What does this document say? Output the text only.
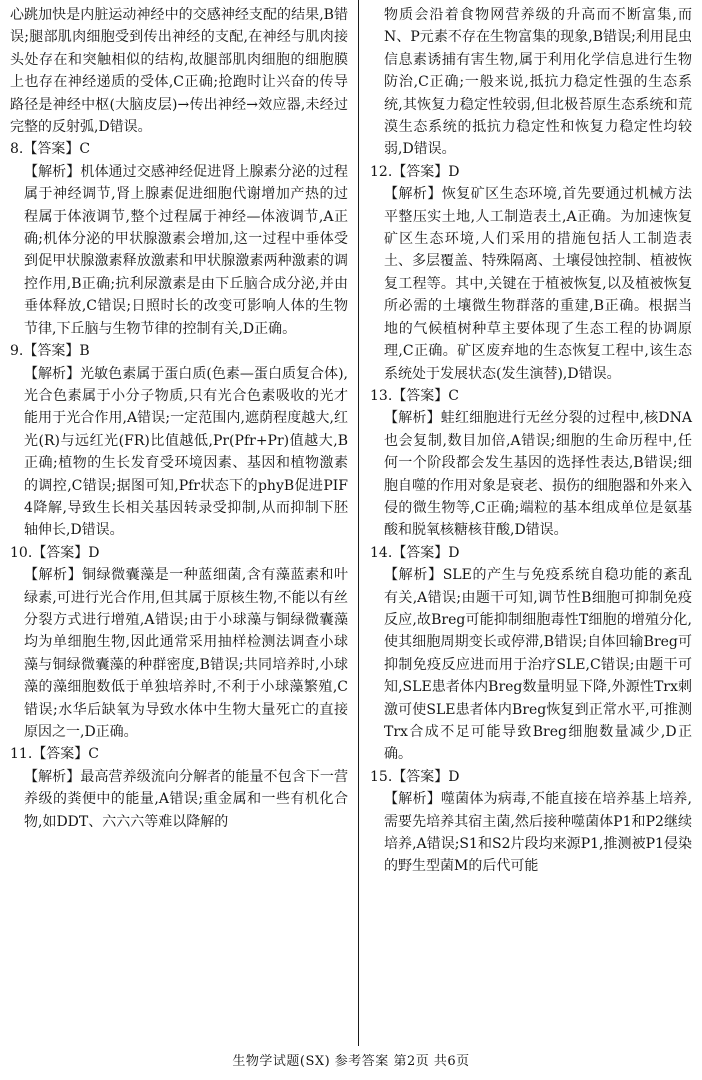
心跳加快是内脏运动神经中的交感神经支配的结果,B错误;腿部肌肉细胞受到传出神经的支配,在神经与肌肉接头处存在和突触相似的结构,故腿部肌肉细胞的细胞膜上也存在神经递质的受体,C正确;抢跑时让兴奋的传导路径是神经中枢(大脑皮层)→传出神经→效应器,未经过完整的反射弧,D错误。

8.【答案】C

【解析】机体通过交感神经促进肾上腺素分泌的过程属于神经调节,肾上腺素促进细胞代谢增加产热的过程属于体液调节,整个过程属于神经—体液调节,A正确;机体分泌的甲状腺激素会增加,这一过程中垂体受到促甲状腺激素释放激素和甲状腺激素两种激素的调控作用,B正确;抗利尿激素是由下丘脑合成分泌,并由垂体释放,C错误;日照时长的改变可影响人体的生物节律,下丘脑与生物节律的控制有关,D正确。

9.【答案】B

【解析】光敏色素属于蛋白质(色素—蛋白质复合体),光合色素属于小分子物质,只有光合色素吸收的光才能用于光合作用,A错误;一定范围内,遮荫程度越大,红光(R)与远红光(FR)比值越低,Pr(Pfr+Pr)值越大,B正确;植物的生长发育受环境因素、基因和植物激素的调控,C错误;据图可知,Pfr状态下的phyB促进PIF4降解,导致生长相关基因转录受抑制,从而抑制下胚轴伸长,D错误。

10.【答案】D

【解析】铜绿微囊藻是一种蓝细菌,含有藻蓝素和叶绿素,可进行光合作用,但其属于原核生物,不能以有丝分裂方式进行增殖,A错误;由于小球藻与铜绿微囊藻均为单细胞生物,因此通常采用抽样检测法调查小球藻与铜绿微囊藻的种群密度,B错误;共同培养时,小球藻的藻细胞数低于单独培养时,不利于小球藻繁殖,C错误;水华后缺氧为导致水体中生物大量死亡的直接原因之一,D正确。

11.【答案】C

【解析】最高营养级流向分解者的能量不包含下一营养级的粪便中的能量,A错误;重金属和一些有机化合物,如DDT、六六六等难以降解的

物质会沿着食物网营养级的升高而不断富集,而N、P元素不存在生物富集的现象,B错误;利用昆虫信息素诱捕有害生物,属于利用化学信息进行生物防治,C正确;一般来说,抵抗力稳定性强的生态系统,其恢复力稳定性较弱,但北极苔原生态系统和荒漠生态系统的抵抗力稳定性和恢复力稳定性均较弱,D错误。

12.【答案】D

【解析】恢复矿区生态环境,首先要通过机械方法平整压实土地,人工制造表土,A正确。为加速恢复矿区生态环境,人们采用的措施包括人工制造表土、多层覆盖、特殊隔离、土壤侵蚀控制、植被恢复工程等。其中,关键在于植被恢复,以及植被恢复所必需的土壤微生物群落的重建,B正确。根据当地的气候植树种草主要体现了生态工程的协调原理,C正确。矿区废弃地的生态恢复工程中,该生态系统处于发展状态(发生演替),D错误。

13.【答案】C

【解析】蛙红细胞进行无丝分裂的过程中,核DNA也会复制,数目加倍,A错误;细胞的生命历程中,任何一个阶段都会发生基因的选择性表达,B错误;细胞自噬的作用对象是衰老、损伤的细胞器和外来入侵的微生物等,C正确;端粒的基本组成单位是氨基酸和脱氧核糖核苷酸,D错误。

14.【答案】D

【解析】SLE的产生与免疫系统自稳功能的紊乱有关,A错误;由题干可知,调节性B细胞可抑制免疫反应,故Breg可能抑制细胞毒性T细胞的增殖分化,使其细胞周期变长或停滞,B错误;自体回输Breg可抑制免疫反应进而用于治疗SLE,C错误;由题干可知,SLE患者体内Breg数量明显下降,外源性Trx刺激可使SLE患者体内Breg恢复到正常水平,可推测Trx合成不足可能导致Breg细胞数量减少,D正确。

15.【答案】D

【解析】噬菌体为病毒,不能直接在培养基上培养,需要先培养其宿主菌,然后接种噬菌体P1和P2继续培养,A错误;S1和S2片段均来源P1,推测被P1侵染的野生型菌M的后代可能

生物学试题(SX) 参考答案 第2页 共6页
